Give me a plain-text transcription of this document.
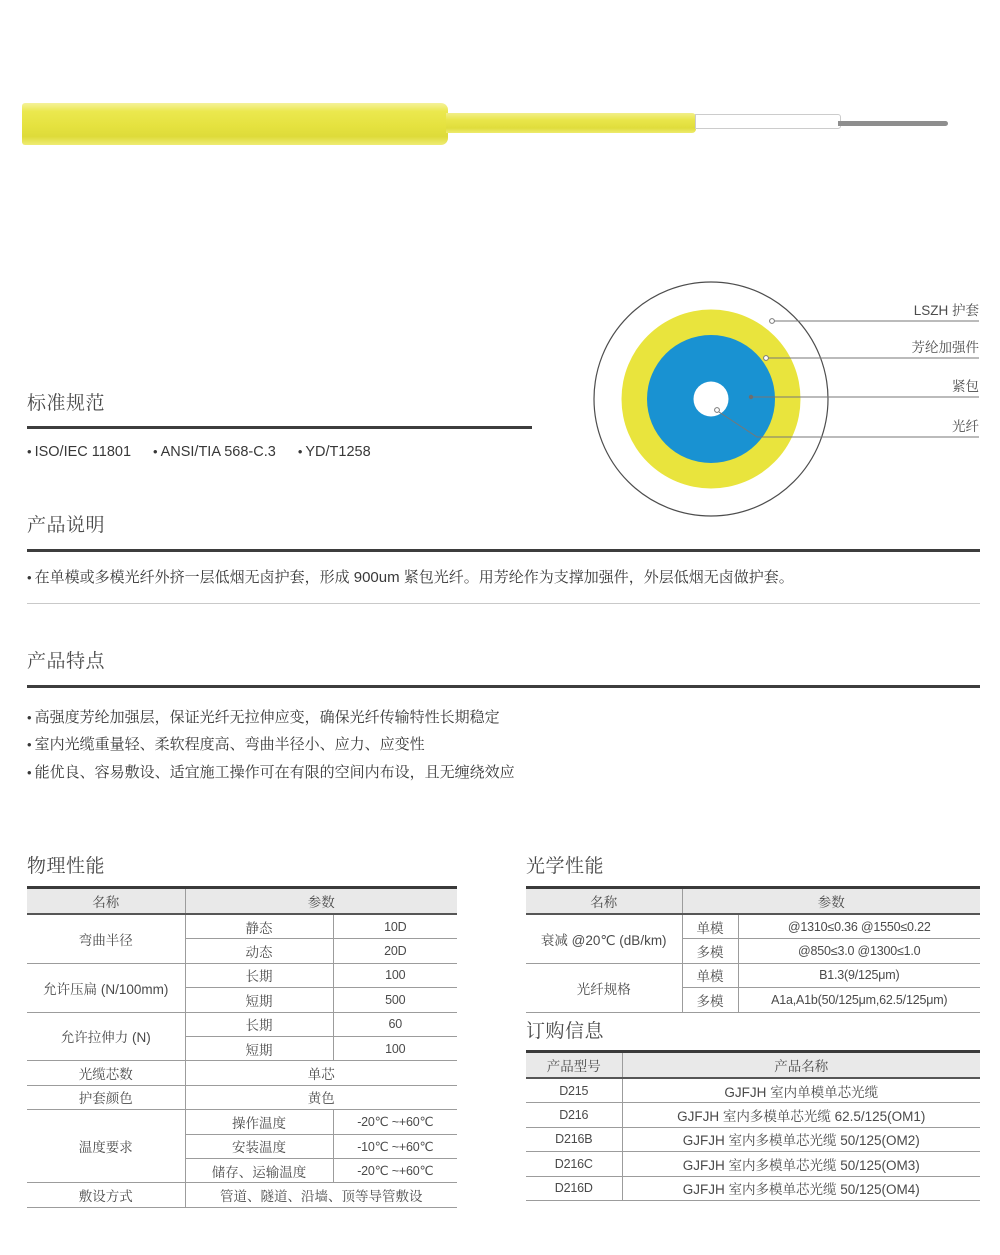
LSZH 护套
芳纶加强件
紧包
光纤
标准规范
• ISO/IEC 11801	• ANSI/TIA 568-C.3	• YD/T1258
产品说明
• 在单模或多模光纤外挤一层低烟无卤护套，形成 900um 紧包光纤。用芳纶作为支撑加强件，外层低烟无卤做护套。
产品特点
• 高强度芳纶加强层，保证光纤无拉伸应变，确保光纤传输特性长期稳定
• 室内光缆重量轻、柔软程度高、弯曲半径小、应力、应变性
• 能优良、容易敷设、适宜施工操作可在有限的空间内布设，且无缠绕效应
物理性能
名称	参数	
弯曲半径	静态	10D
	动态	20D
允许压扁 (N/100mm)	长期	100
	短期	500
允许拉伸力 (N)	长期	60
	短期	100
光缆芯数	单芯	
护套颜色	黄色	
温度要求	操作温度	-20℃ ~+60℃
	安装温度	-10℃ ~+60℃
	储存、运输温度	-20℃ ~+60℃
敷设方式	管道、隧道、沿墙、顶等导管敷设	
光学性能
名称	参数	
衰减 @20℃ (dB/km)	单模	@1310≤0.36 @1550≤0.22
	多模	@850≤3.0 @1300≤1.0
光纤规格	单模	B1.3(9/125μm)
	多模	A1a,A1b(50/125μm,62.5/125μm)
订购信息
产品型号	产品名称
D215	GJFJH 室内单模单芯光缆
D216	GJFJH 室内多模单芯光缆 62.5/125(OM1)
D216B	GJFJH 室内多模单芯光缆 50/125(OM2)
D216C	GJFJH 室内多模单芯光缆 50/125(OM3)
D216D	GJFJH 室内多模单芯光缆 50/125(OM4)
